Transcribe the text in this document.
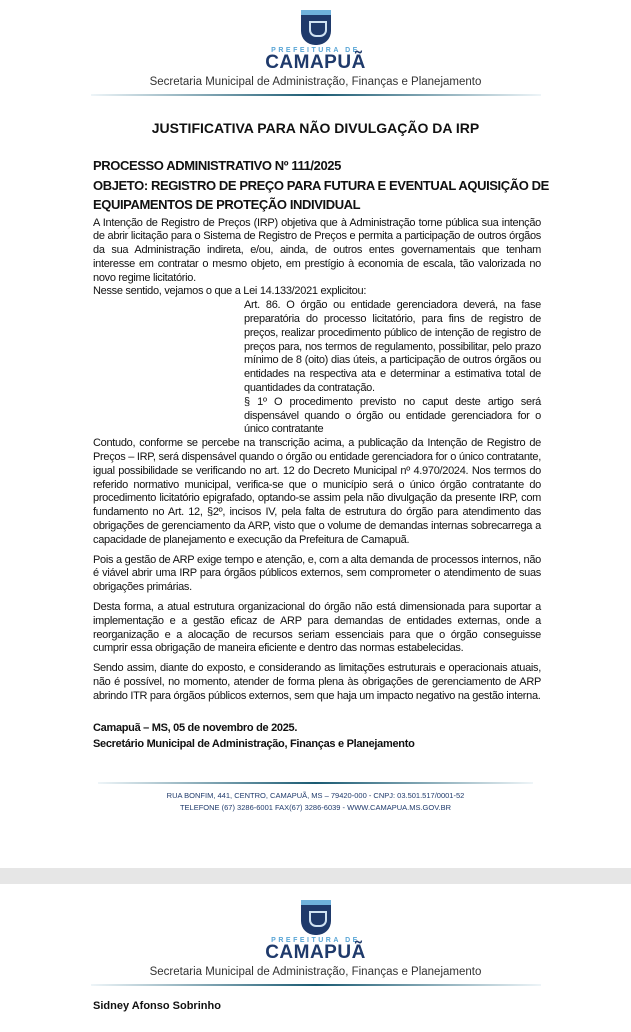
PREFEITURA DE
CAMAPUÃ
Secretaria Municipal de Administração, Finanças e Planejamento
JUSTIFICATIVA PARA NÃO DIVULGAÇÃO DA IRP
PROCESSO ADMINISTRATIVO Nº 111/2025
OBJETO: REGISTRO DE PREÇO PARA FUTURA E EVENTUAL AQUISIÇÃO DE
EQUIPAMENTOS DE PROTEÇÃO INDIVIDUAL

A Intenção de Registro de Preços (IRP) objetiva que à Administração torne pública sua intenção de abrir licitação para o Sistema de Registro de Preços e permita a participação de outros órgãos da sua Administração indireta, e/ou, ainda, de outros entes governamentais que tenham interesse em contratar o mesmo objeto, em prestígio à economia de escala, tão valorizada no novo regime licitatório.

Nesse sentido, vejamos o que a Lei 14.133/2021 explicitou:

Art. 86. O órgão ou entidade gerenciadora deverá, na fase preparatória do processo licitatório, para fins de registro de preços, realizar procedimento público de intenção de registro de preços para, nos termos de regulamento, possibilitar, pelo prazo mínimo de 8 (oito) dias úteis, a participação de outros órgãos ou entidades na respectiva ata e determinar a estimativa total de quantidades da contratação.

§ 1º O procedimento previsto no caput deste artigo será dispensável quando o órgão ou entidade gerenciadora for o único contratante

Contudo, conforme se percebe na transcrição acima, a publicação da Intenção de Registro de Preços – IRP, será dispensável quando o órgão ou entidade gerenciadora for o único contratante, igual possibilidade se verificando no art. 12 do Decreto Municipal nº 4.970/2024. Nos termos do referido normativo municipal, verifica-se que o município será o único órgão contratante do procedimento licitatório epigrafado, optando-se assim pela não divulgação da presente IRP, com fundamento no Art. 12, §2º, incisos IV, pela falta de estrutura do órgão para atendimento das obrigações de gerenciamento da ARP, visto que o volume de demandas internas sobrecarrega a capacidade de planejamento e execução da Prefeitura de Camapuã.

Pois a gestão de ARP exige tempo e atenção, e, com a alta demanda de processos internos, não é viável abrir uma IRP para órgãos públicos externos, sem comprometer o atendimento de suas obrigações primárias.

Desta forma, a atual estrutura organizacional do órgão não está dimensionada para suportar a implementação e a gestão eficaz de ARP para demandas de entidades externas, onde a reorganização e a alocação de recursos seriam essenciais para que o órgão conseguisse cumprir essa obrigação de maneira eficiente e dentro das normas estabelecidas.

Sendo assim, diante do exposto, e considerando as limitações estruturais e operacionais atuais, não é possível, no momento, atender de forma plena às obrigações de gerenciamento de ARP abrindo ITR para órgãos públicos externos, sem que haja um impacto negativo na gestão interna.

Camapuã – MS, 05 de novembro de 2025.

Secretário Municipal de Administração, Finanças e Planejamento

RUA BONFIM, 441, CENTRO, CAMAPUÃ, MS – 79420-000 - CNPJ: 03.501.517/0001-52
TELEFONE (67) 3286-6001 FAX(67) 3286-6039 - WWW.CAMAPUA.MS.GOV.BR
PREFEITURA DE
CAMAPUÃ
Secretaria Municipal de Administração, Finanças e Planejamento
Sidney Afonso Sobrinho
